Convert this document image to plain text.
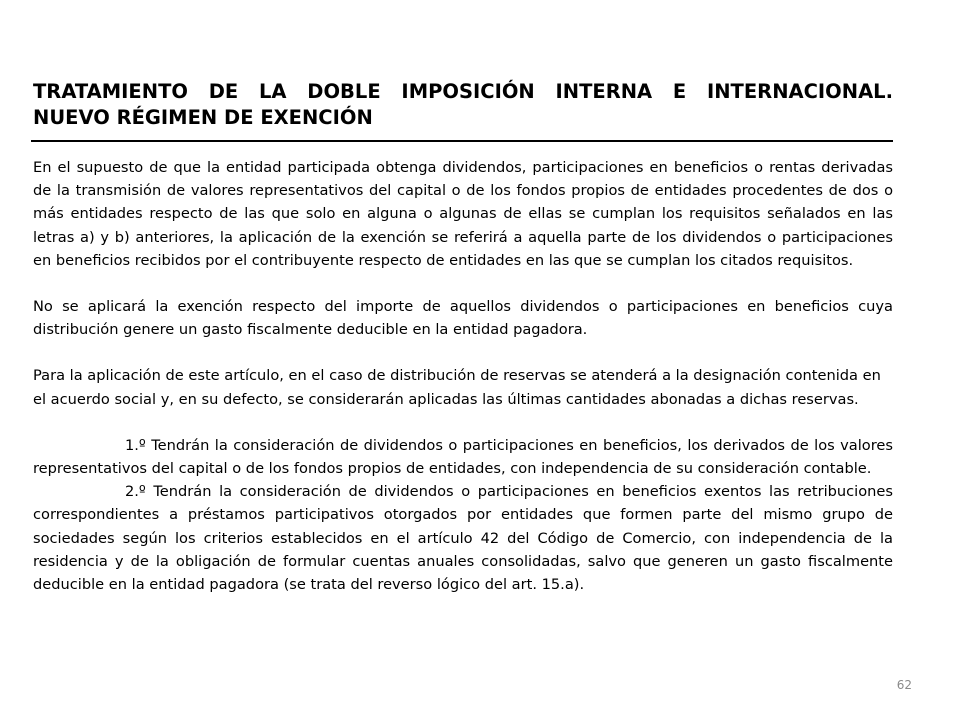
TRATAMIENTO DE LA DOBLE IMPOSICIÓN INTERNA E INTERNACIONAL.
NUEVO RÉGIMEN DE EXENCIÓN

En el supuesto de que la entidad participada obtenga dividendos, participaciones en beneficios o rentas derivadas de la transmisión de valores representativos del capital o de los fondos propios de entidades procedentes de dos o más entidades respecto de las que solo en alguna o algunas de ellas se cumplan los requisitos señalados en las letras a) y b) anteriores, la aplicación de la exención se referirá a aquella parte de los dividendos o participaciones en beneficios recibidos por el contribuyente respecto de entidades en las que se cumplan los citados requisitos.

No se aplicará la exención respecto del importe de aquellos dividendos o participaciones en beneficios cuya distribución genere un gasto fiscalmente deducible en la entidad pagadora.

Para la aplicación de este artículo, en el caso de distribución de reservas se atenderá a la designación contenida en el acuerdo social y, en su defecto, se considerarán aplicadas las últimas cantidades abonadas a dichas reservas.

1.º Tendrán la consideración de dividendos o participaciones en beneficios, los derivados de los valores representativos del capital o de los fondos propios de entidades, con independencia de su consideración contable.

2.º Tendrán la consideración de dividendos o participaciones en beneficios exentos las retribuciones correspondientes a préstamos participativos otorgados por entidades que formen parte del mismo grupo de sociedades según los criterios establecidos en el artículo 42 del Código de Comercio, con independencia de la residencia y de la obligación de formular cuentas anuales consolidadas, salvo que generen un gasto fiscalmente deducible en la entidad pagadora (se trata del reverso lógico del art. 15.a).

62
